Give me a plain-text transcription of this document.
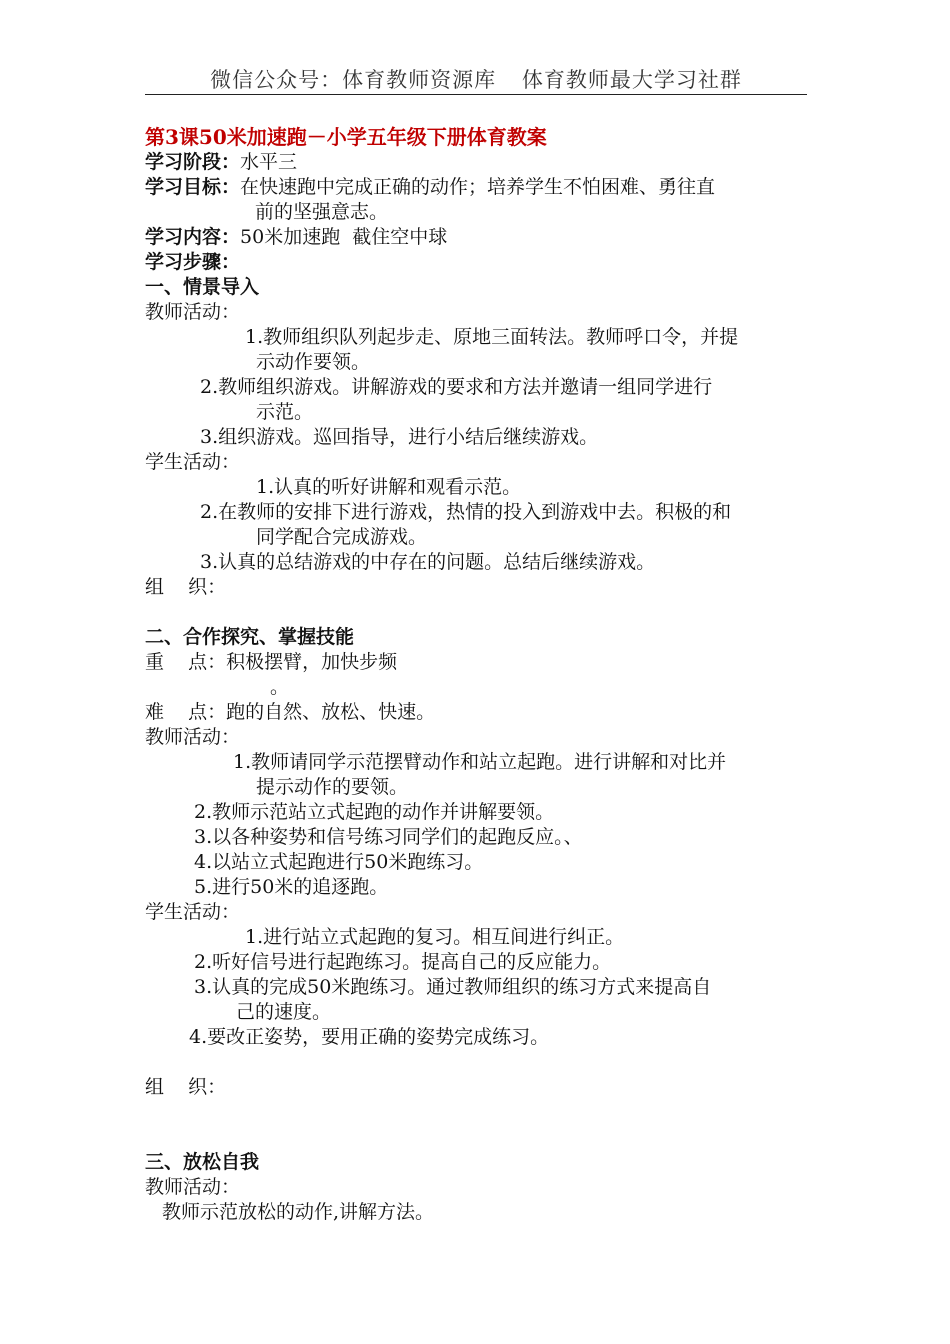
微信公众号：体育教师资源库 体育教师最大学习社群
第3课50米加速跑－小学五年级下册体育教案
学习阶段：水平三
学习目标：在快速跑中完成正确的动作；培养学生不怕困难、勇往直
前的坚强意志。
学习内容：50米加速跑  截住空中球
学习步骤：
一、情景导入
教师活动：
1.教师组织队列起步走、原地三面转法。教师呼口令，并提
示动作要领。
2.教师组织游戏。讲解游戏的要求和方法并邀请一组同学进行
示范。
3.组织游戏。巡回指导，进行小结后继续游戏。
学生活动：
1.认真的听好讲解和观看示范。
2.在教师的安排下进行游戏，热情的投入到游戏中去。积极的和
同学配合完成游戏。
3.认真的总结游戏的中存在的问题。总结后继续游戏。
组    织：
二、合作探究、掌握技能
重    点：积极摆臂，加快步频
。
难    点：跑的自然、放松、快速。
教师活动：
1.教师请同学示范摆臂动作和站立起跑。进行讲解和对比并
提示动作的要领。
2.教师示范站立式起跑的动作并讲解要领。
3.以各种姿势和信号练习同学们的起跑反应。、
4.以站立式起跑进行50米跑练习。
5.进行50米的追逐跑。
学生活动：
1.进行站立式起跑的复习。相互间进行纠正。
2.听好信号进行起跑练习。提高自己的反应能力。
3.认真的完成50米跑练习。通过教师组织的练习方式来提高自
己的速度。
4.要改正姿势，要用正确的姿势完成练习。
组    织：
三、放松自我
教师活动：
教师示范放松的动作,讲解方法。
